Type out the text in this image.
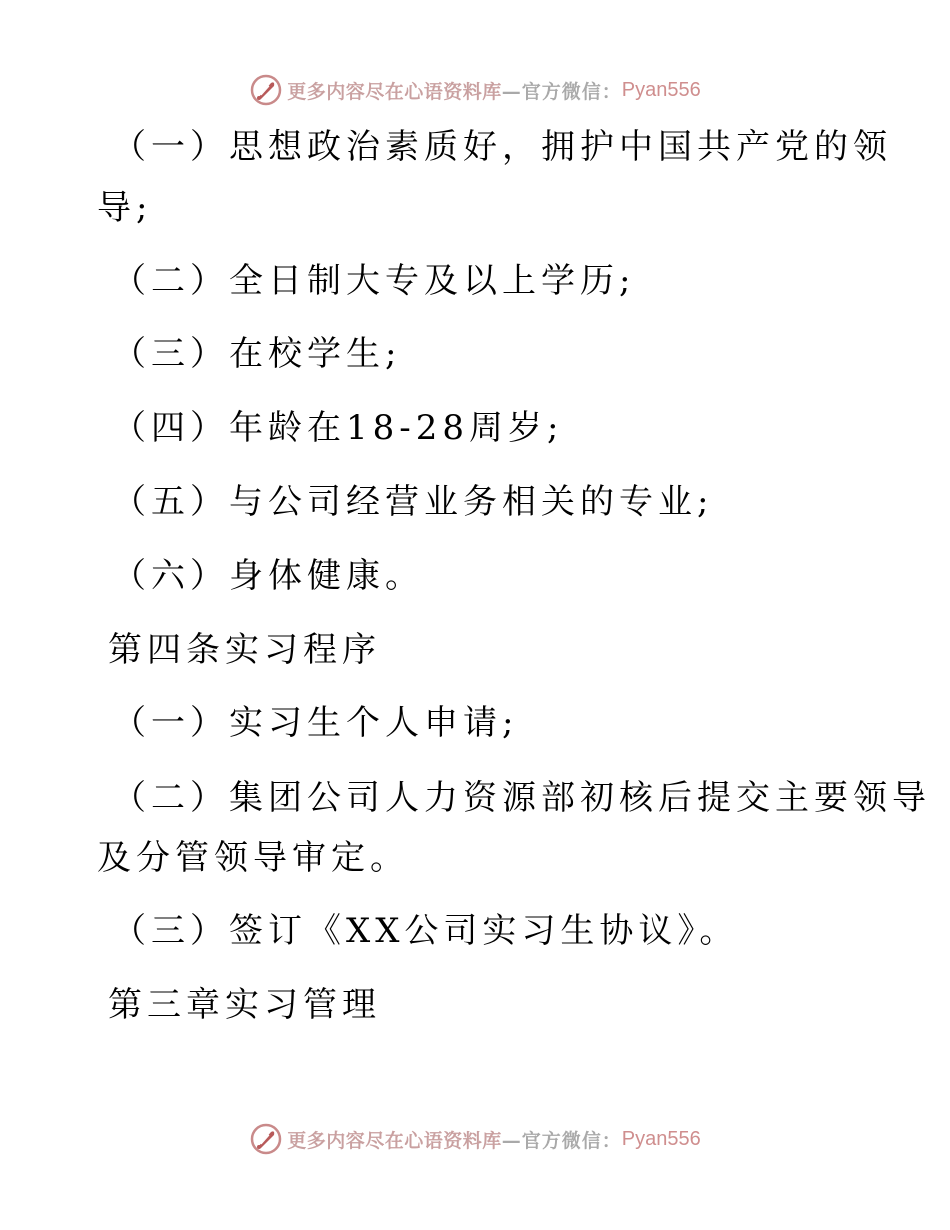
更多内容尽在心语资料库 —官方微信： Pyan556
（一）思想政治素质好，拥护中国共产党的领
导;
（二）全日制大专及以上学历;
（三）在校学生;
（四）年龄在18-28周岁;
（五）与公司经营业务相关的专业;
（六）身体健康。
第四条实习程序
（一）实习生个人申请;
（二）集团公司人力资源部初核后提交主要领导
及分管领导审定。
（三）签订《XX公司实习生协议》。
第三章实习管理
更多内容尽在心语资料库 —官方微信： Pyan556
